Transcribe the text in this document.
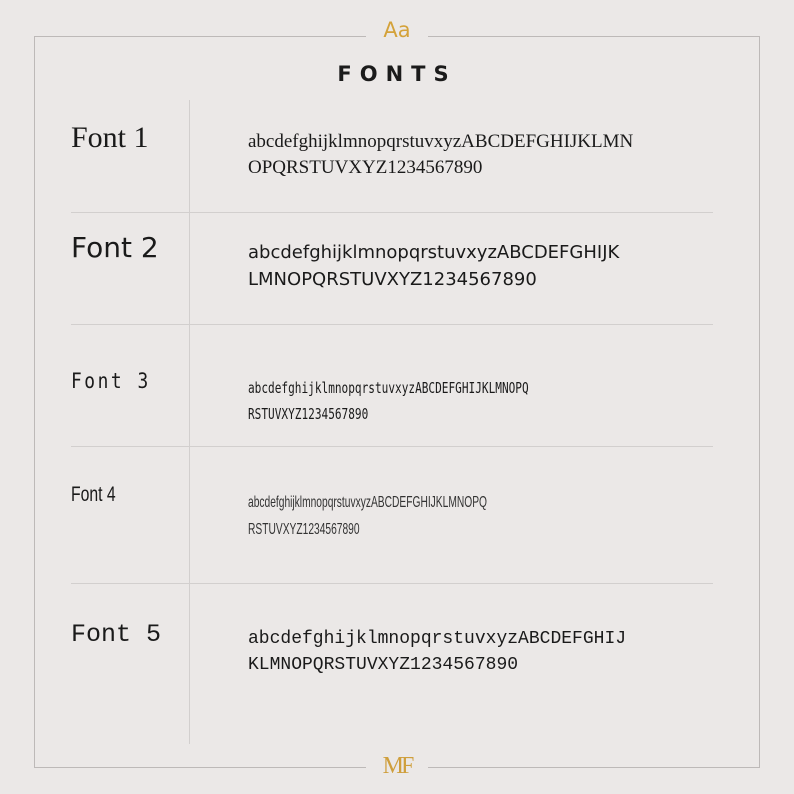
Aa
FONTS
Font 1	abcdefghijklmnopqrstuvxyzABCDEFGHIJKLMN
OPQRSTUVXYZ1234567890
Font 2	abcdefghijklmnopqrstuvxyzABCDEFGHIJK
LMNOPQRSTUVXYZ1234567890
Font 3	abcdefghijklmnopqrstuvxyzABCDEFGHIJKLMNOPQ
RSTUVXYZ1234567890
Font 4	abcdefghijklmnopqrstuvxyzABCDEFGHIJKLMNOPQ
RSTUVXYZ1234567890
Font 5	abcdefghijklmnopqrstuvxyzABCDEFGHIJ
KLMNOPQRSTUVXYZ1234567890
MF
